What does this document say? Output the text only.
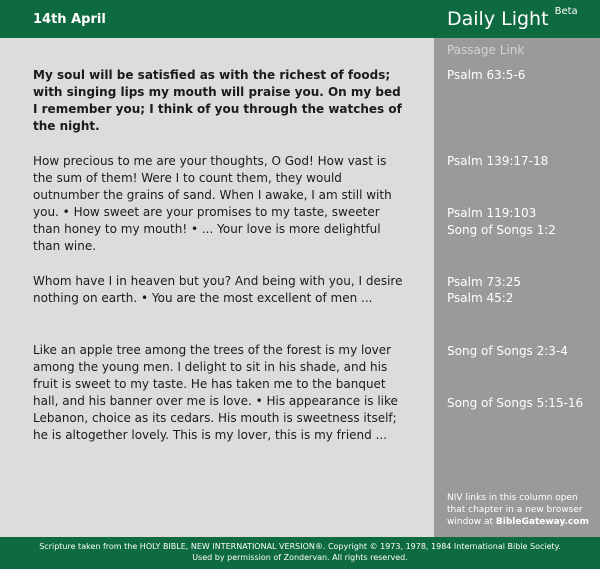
14th April	Daily Light $^{Beta}$
Passage Link
My soul will be satisfied as with the richest of foods; with singing lips my mouth will praise you. On my bed I remember you; I think of you through the watches of the night.
How precious to me are your thoughts, O God! How vast is the sum of them! Were I to count them, they would outnumber the grains of sand. When I awake, I am still with you. • How sweet are your promises to my taste, sweeter than honey to my mouth! • ... Your love is more delightful than wine.
Whom have I in heaven but you? And being with you, I desire nothing on earth. • You are the most excellent of men ...
Like an apple tree among the trees of the forest is my lover among the young men. I delight to sit in his shade, and his fruit is sweet to my taste. He has taken me to the banquet hall, and his banner over me is love. • His appearance is like Lebanon, choice as its cedars. His mouth is sweetness itself; he is altogether lovely. This is my lover, this is my friend ...
Psalm 63:5-6
Psalm 139:17-18
Psalm 119:103
Song of Songs 1:2
Psalm 73:25
Psalm 45:2
Song of Songs 2:3-4
Song of Songs 5:15-16
NIV links in this column open that chapter in a new browser window at BibleGateway.com
Scripture taken from the HOLY BIBLE, NEW INTERNATIONAL VERSION®. Copyright © 1973, 1978, 1984 International Bible Society.
Used by permission of Zondervan. All rights reserved.
